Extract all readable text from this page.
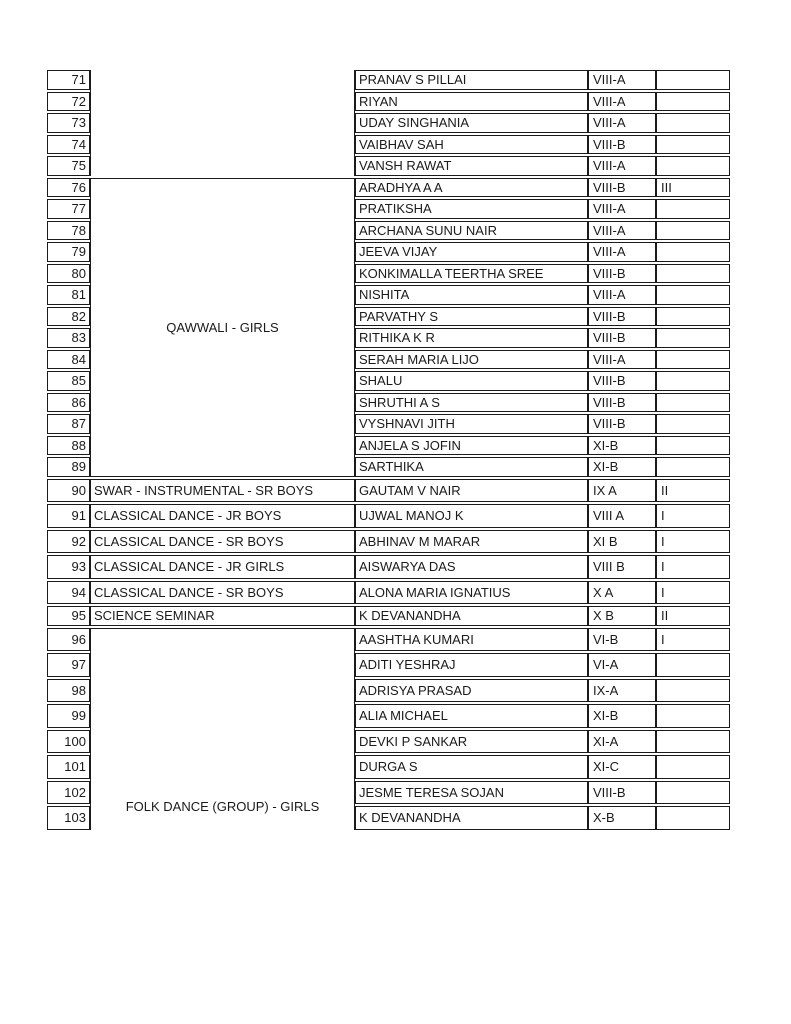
71		PRANAV S PILLAI	VIII-A	
72		RIYAN	VIII-A	
73		UDAY SINGHANIA	VIII-A	
74		VAIBHAV SAH	VIII-B	
75		VANSH RAWAT	VIII-A	
76	QAWWALI - GIRLS	ARADHYA A A	VIII-B	III
77		PRATIKSHA	VIII-A	
78		ARCHANA SUNU NAIR	VIII-A	
79		JEEVA VIJAY	VIII-A	
80		KONKIMALLA TEERTHA SREE	VIII-B	
81		NISHITA	VIII-A	
82		PARVATHY S	VIII-B	
83		RITHIKA K R	VIII-B	
84		SERAH MARIA LIJO	VIII-A	
85		SHALU	VIII-B	
86		SHRUTHI A S	VIII-B	
87		VYSHNAVI JITH	VIII-B	
88		ANJELA S JOFIN	XI-B	
89		SARTHIKA	XI-B	
90	SWAR - INSTRUMENTAL - SR BOYS	GAUTAM V NAIR	IX A	II
91	CLASSICAL DANCE - JR BOYS	UJWAL MANOJ K	VIII A	I
92	CLASSICAL DANCE - SR BOYS	ABHINAV M MARAR	XI B	I
93	CLASSICAL DANCE - JR GIRLS	AISWARYA DAS	VIII B	I
94	CLASSICAL DANCE - SR BOYS	ALONA MARIA IGNATIUS	X A	I
95	SCIENCE SEMINAR	K DEVANANDHA	X B	II
96	FOLK DANCE (GROUP) - GIRLS	AASHTHA KUMARI	VI-B	I
97		ADITI YESHRAJ	VI-A	
98		ADRISYA PRASAD	IX-A	
99		ALIA MICHAEL	XI-B	
100		DEVKI P SANKAR	XI-A	
101		DURGA S	XI-C	
102		JESME TERESA SOJAN	VIII-B	
103		K DEVANANDHA	X-B	
